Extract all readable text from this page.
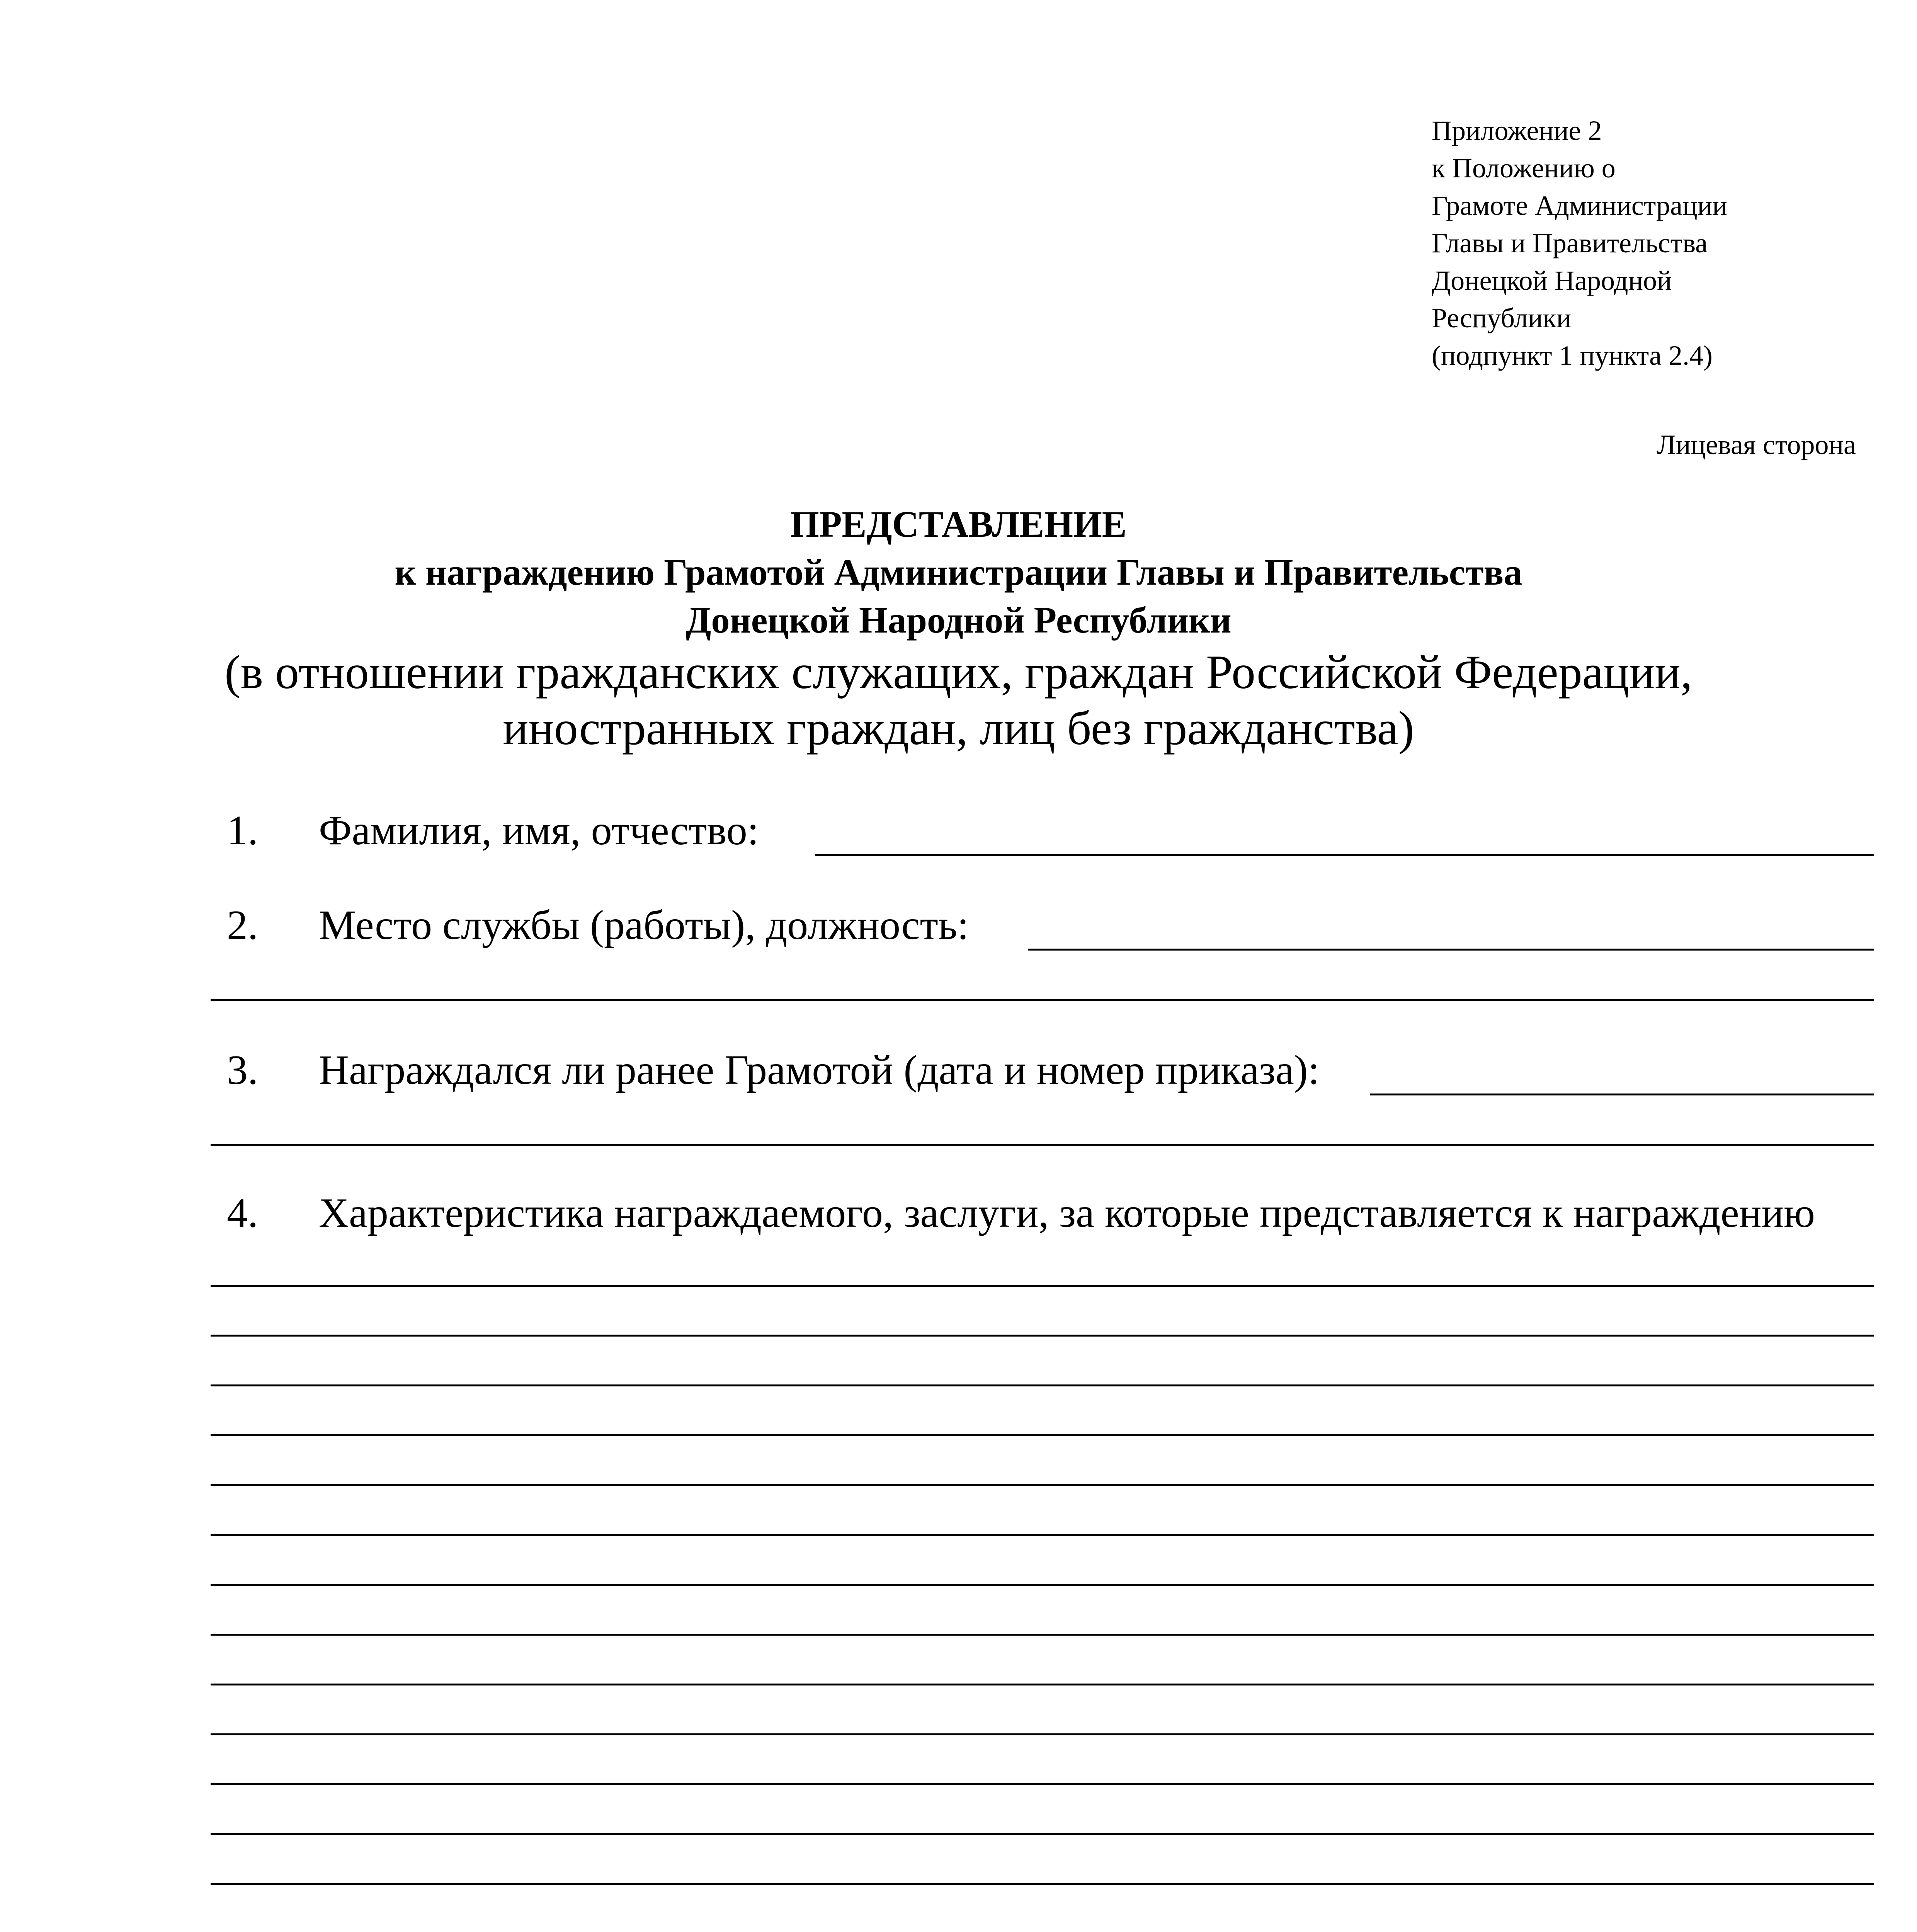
Приложение 2
к Положению о
Грамоте Администрации
Главы и Правительства
Донецкой Народной
Республики
(подпункт 1 пункта 2.4)
Лицевая сторона
ПРЕДСТАВЛЕНИЕ
к награждению Грамотой Администрации Главы и Правительства
Донецкой Народной Республики
(в отношении гражданских служащих, граждан Российской Федерации,
иностранных граждан, лиц без гражданства)
1. Фамилия, имя, отчество:
2. Место службы (работы), должность:
3. Награждался ли ранее Грамотой (дата и номер приказа):
4. Характеристика награждаемого, заслуги, за которые представляется к награждению
